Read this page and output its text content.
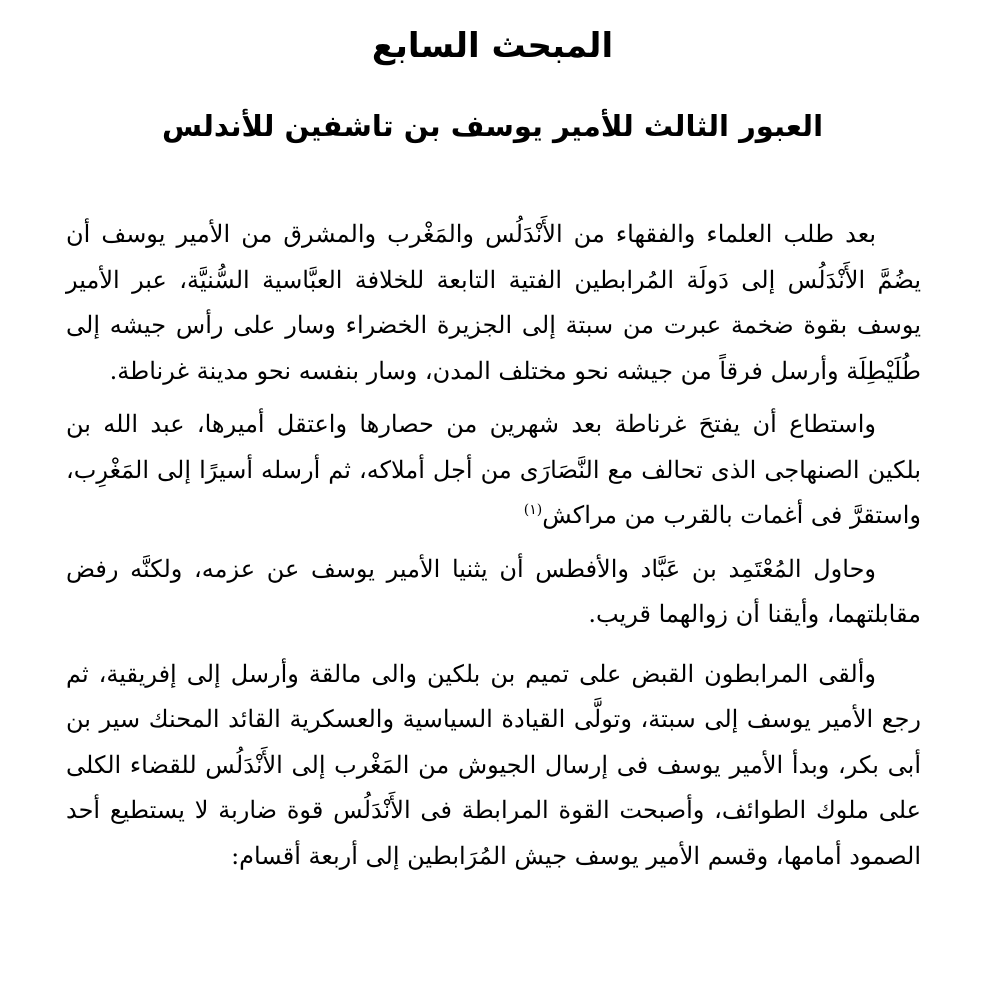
المبحث السابع
العبور الثالث للأمير يوسف بن تاشفين للأندلس

بعد طلب العلماء والفقهاء من الأَنْدَلُس والمَغْرب والمشرق من الأمير يوسف أن يضُمَّ الأَنْدَلُس إلى دَولَة المُرابطين الفتية التابعة للخلافة العبَّاسية السُّنيَّة، عبر الأمير يوسف بقوة ضخمة عبرت من سبتة إلى الجزيرة الخضراء وسار على رأس جيشه إلى طُلَيْطِلَة وأرسل فرقاً من جيشه نحو مختلف المدن، وسار بنفسه نحو مدينة غرناطة.

واستطاع أن يفتحَ غرناطة بعد شهرين من حصارها واعتقل أميرها، عبد الله بن بلكين الصنهاجى الذى تحالف مع النَّصَارَى من أجل أملاكه، ثم أرسله أسيرًا إلى المَغْرِب، واستقرَّ فى أغمات بالقرب من مراكش$^{(١)}$

وحاول المُعْتَمِد بن عَبَّاد والأفطس أن يثنيا الأمير يوسف عن عزمه، ولكنَّه رفض مقابلتهما، وأيقنا أن زوالهما قريب.

وألقى المرابطون القبض على تميم بن بلكين والى مالقة وأرسل إلى إفريقية، ثم رجع الأمير يوسف إلى سبتة، وتولَّى القيادة السياسية والعسكرية القائد المحنك سير بن أبى بكر، وبدأ الأمير يوسف فى إرسال الجيوش من المَغْرب إلى الأَنْدَلُس للقضاء الكلى على ملوك الطوائف، وأصبحت القوة المرابطة فى الأَنْدَلُس قوة ضاربة لا يستطيع أحد الصمود أمامها، وقسم الأمير يوسف جيش المُرَابطين إلى أربعة أقسام:
